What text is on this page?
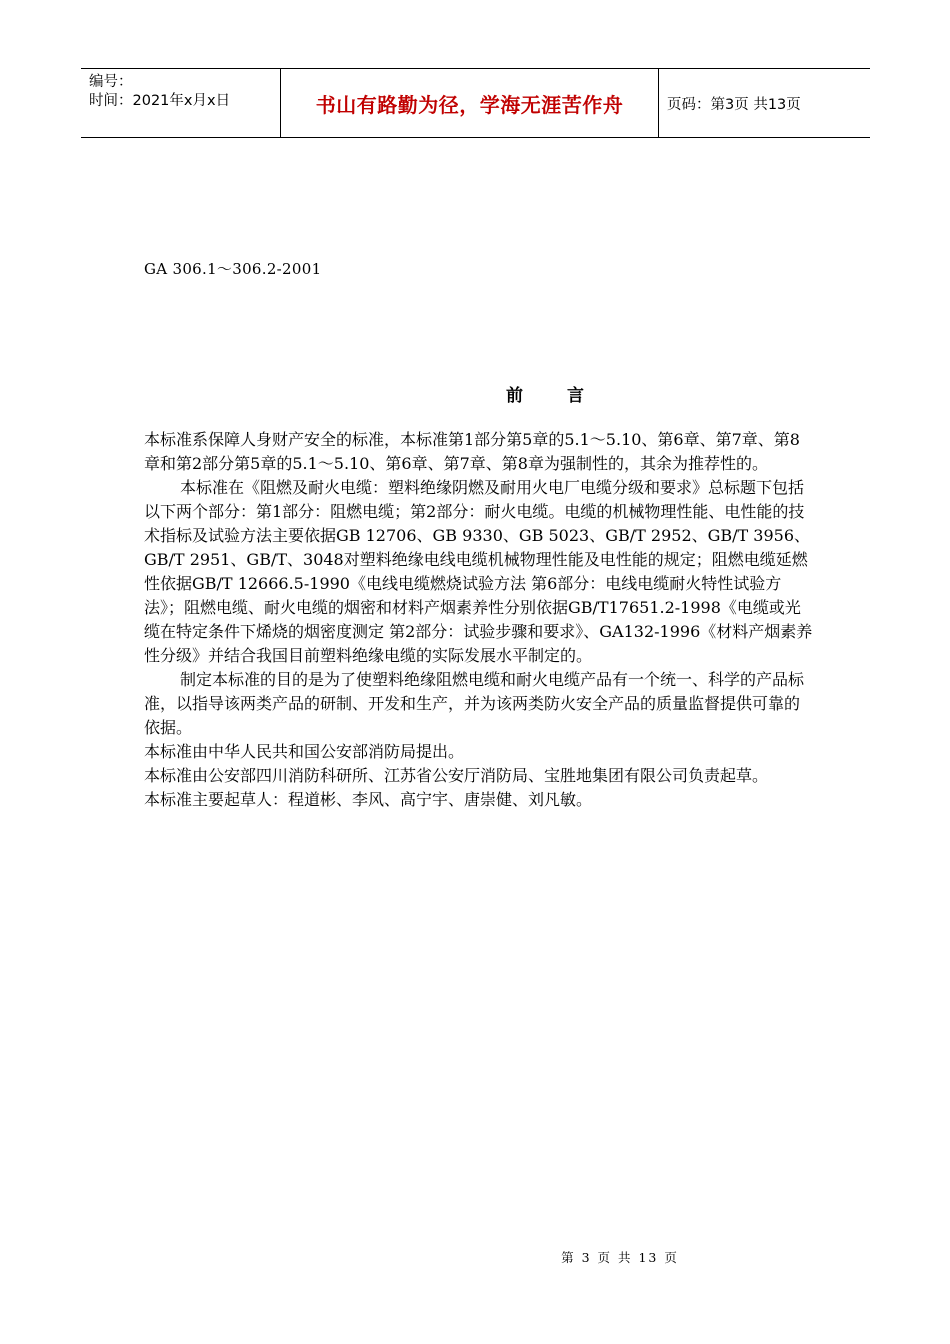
编号：
时间：2021年x月x日	书山有路勤为径，学海无涯苦作舟	页码：第3页 共13页
GA 306.1～306.2-2001
前言

本标准系保障人身财产安全的标准，本标准第1部分第5章的5.1～5.10、第6章、第7章、第8章和第2部分第5章的5.1～5.10、第6章、第7章、第8章为强制性的，其余为推荐性的。

本标准在《阻燃及耐火电缆：塑料绝缘阴燃及耐用火电厂电缆分级和要求》总标题下包括以下两个部分：第1部分：阻燃电缆；第2部分：耐火电缆。电缆的机械物理性能、电性能的技术指标及试验方法主要依据GB 12706、GB 9330、GB 5023、GB/T 2952、GB/T 3956、GB/T 2951、GB/T、3048对塑料绝缘电线电缆机械物理性能及电性能的规定；阻燃电缆延燃性依据GB/T 12666.5-1990《电线电缆燃烧试验方法 第6部分：电线电缆耐火特性试验方法》；阻燃电缆、耐火电缆的烟密和材料产烟素养性分别依据GB/T17651.2-1998《电缆或光缆在特定条件下烯烧的烟密度测定 第2部分：试验步骤和要求》、GA132-1996《材料产烟素养性分级》并结合我国目前塑料绝缘电缆的实际发展水平制定的。

制定本标准的目的是为了使塑料绝缘阻燃电缆和耐火电缆产品有一个统一、科学的产品标准，以指导该两类产品的研制、开发和生产，并为该两类防火安全产品的质量监督提供可靠的依据。

本标准由中华人民共和国公安部消防局提出。

本标准由公安部四川消防科研所、江苏省公安厅消防局、宝胜地集团有限公司负责起草。

本标准主要起草人：程道彬、李风、高宁宇、唐崇健、刘凡敏。

第 3 页 共 13 页
